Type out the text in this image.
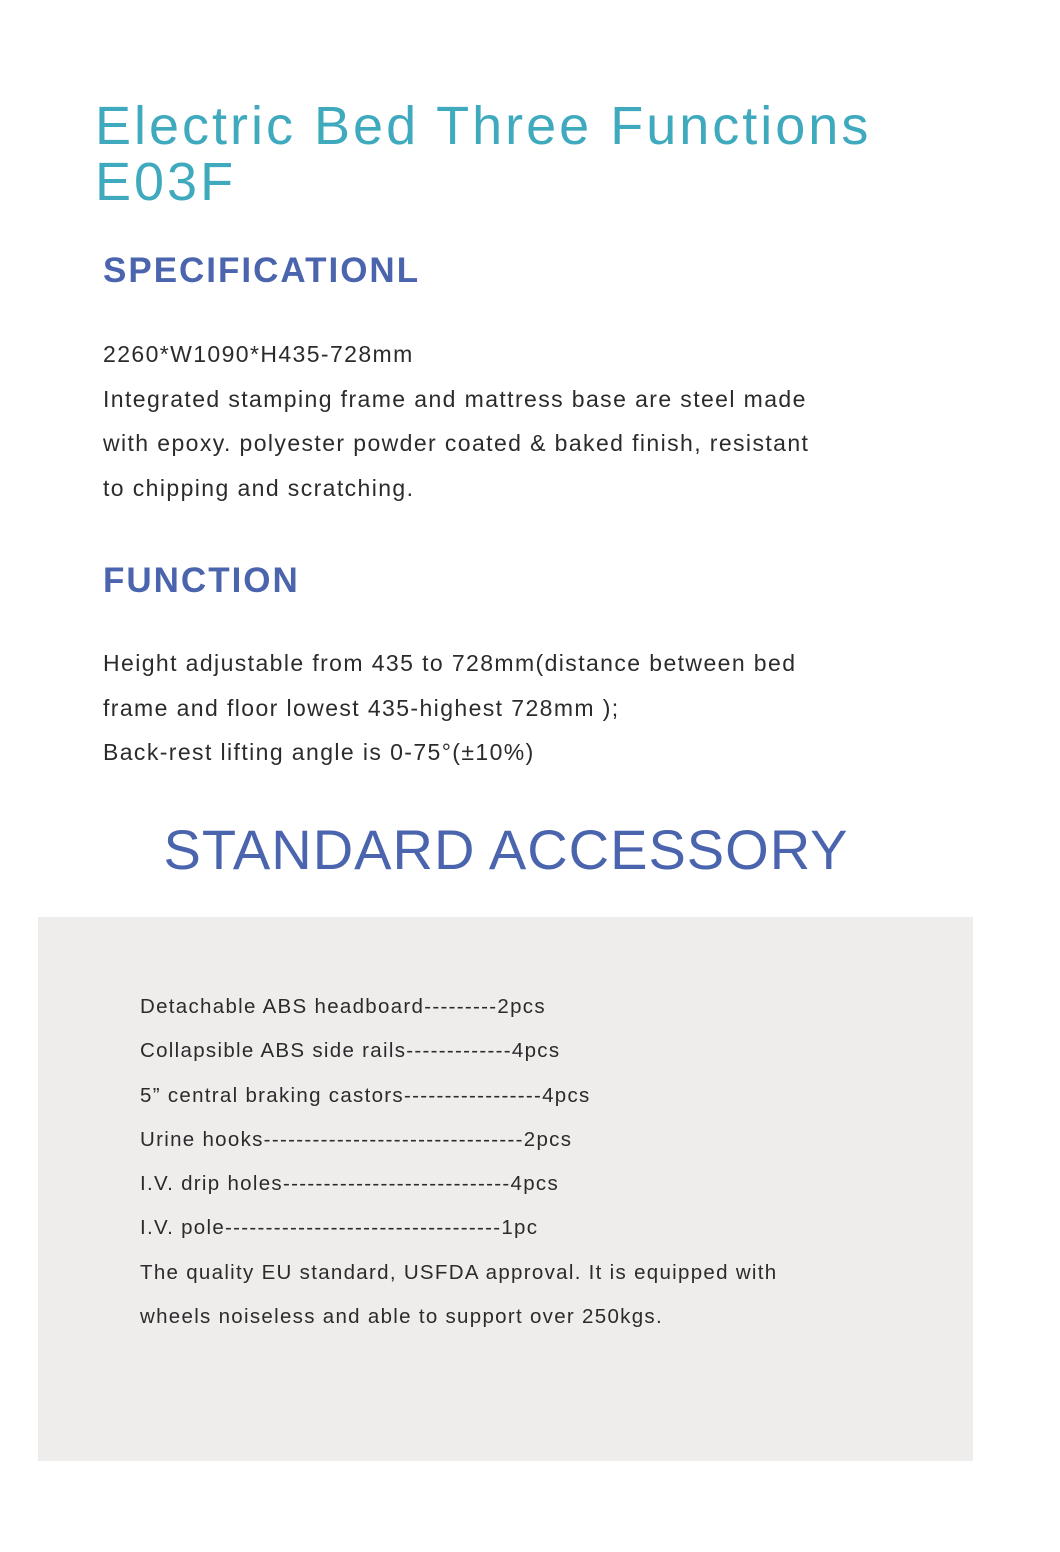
Electric Bed Three Functions
E03F
SPECIFICATIONL
2260*W1090*H435-728mm
Integrated stamping frame and mattress base are steel made
with epoxy. polyester powder coated & baked finish, resistant
to chipping and scratching.
FUNCTION
Height adjustable from 435 to 728mm(distance between bed
frame and floor lowest 435-highest 728mm );
Back-rest lifting angle is 0-75°(±10%)
STANDARD ACCESSORY
Detachable ABS headboard---------2pcs
Collapsible ABS side rails-------------4pcs
5” central braking castors-----------------4pcs
Urine hooks--------------------------------2pcs
I.V. drip holes----------------------------4pcs
I.V. pole----------------------------------1pc
The quality EU standard, USFDA approval. It is equipped with
wheels noiseless and able to support over 250kgs.
